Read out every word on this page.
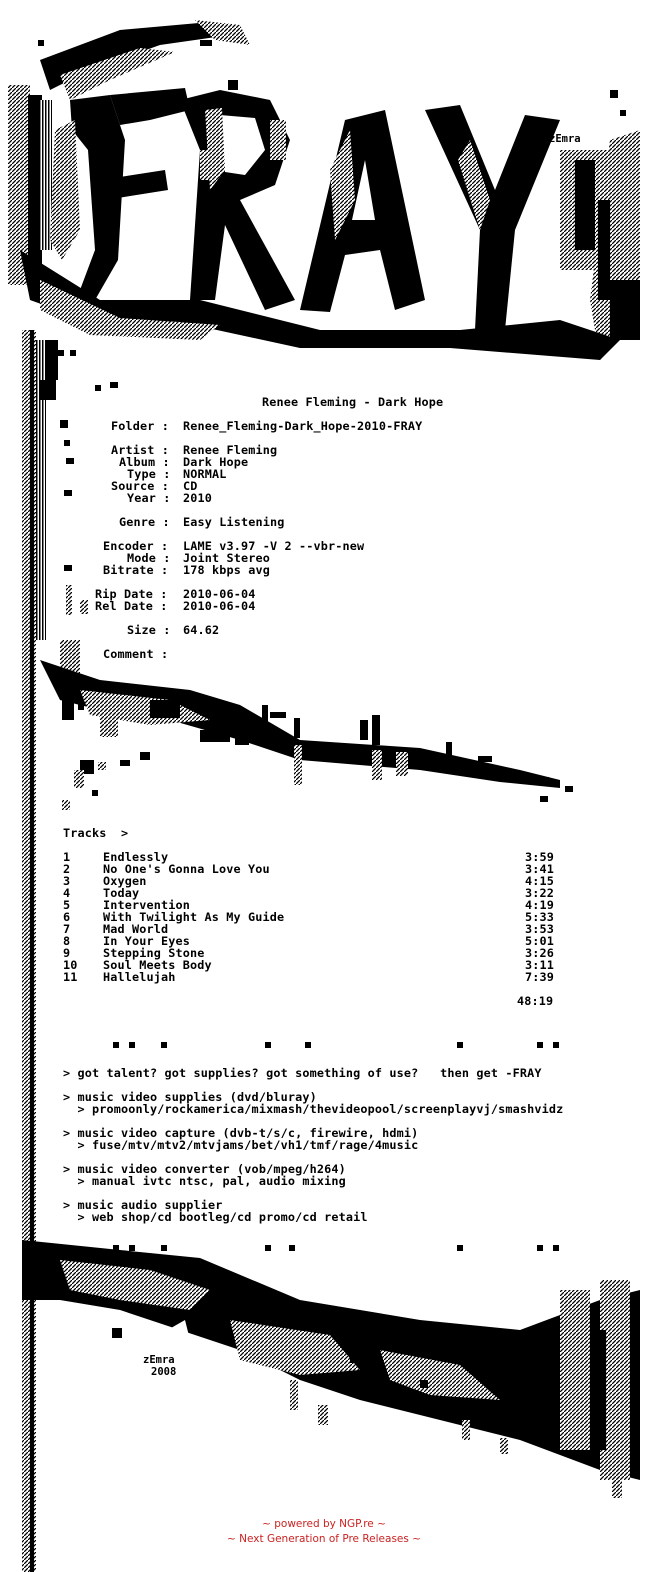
zEmra
Renee Fleming - Dark Hope
Folder : Renee_Fleming-Dark_Hope-2010-FRAY
Artist : Renee Fleming
Album : Dark Hope
Type : NORMAL
Source : CD
Year : 2010
Genre : Easy Listening
Encoder : LAME v3.97 -V 2 --vbr-new
Mode : Joint Stereo
Bitrate : 178 kbps avg
Rip Date : 2010-06-04
Rel Date : 2010-06-04
Size : 64.62
Comment :
Tracks  >
1	Endlessly	3:59
2	No One's Gonna Love You	3:41
3	Oxygen	4:15
4	Today	3:22
5	Intervention	4:19
6	With Twilight As My Guide	5:33
7	Mad World	3:53
8	In Your Eyes	5:01
9	Stepping Stone	3:26
10 Soul Meets Body	3:11
11 Hallelujah	7:39
48:19
> got talent? got supplies? got something of use?   then get -FRAY
> music video supplies (dvd/bluray)
> promoonly/rockamerica/mixmash/thevideopool/screenplayvj/smashvidz
> music video capture (dvb-t/s/c, firewire, hdmi)
> fuse/mtv/mtv2/mtvjams/bet/vh1/tmf/rage/4music
> music video converter (vob/mpeg/h264)
> manual ivtc ntsc, pal, audio mixing
> music audio supplier
> web shop/cd bootleg/cd promo/cd retail
zEmra
2008
~ powered by NGP.re ~
~ Next Generation of Pre Releases ~
